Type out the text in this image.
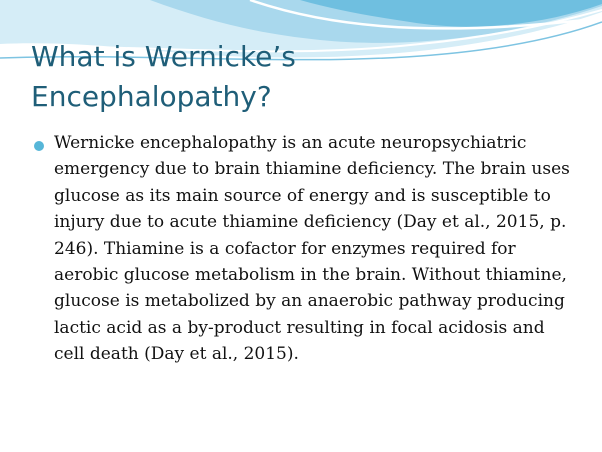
What is Wernicke’s
Encephalopathy?
Wernicke encephalopathy is an acute neuropsychiatric emergency due to brain thiamine deficiency. The brain uses glucose as its main source of energy and is susceptible to injury due to acute thiamine deficiency (Day et al., 2015, p. 246). Thiamine is a cofactor for enzymes required for aerobic glucose metabolism in the brain. Without thiamine, glucose is metabolized by an anaerobic pathway producing lactic acid as a by-product resulting in focal acidosis and cell death (Day et al., 2015).
